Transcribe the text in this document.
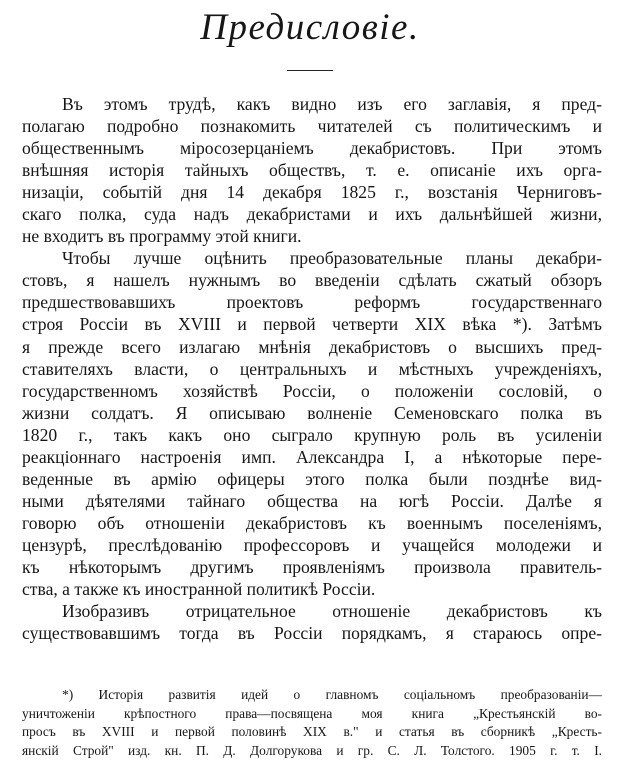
Предисловіе.

Въ этомъ трудѣ, какъ видно изъ его заглавія, я пред-
полагаю подробно познакомить читателей съ политическимъ и
общественнымъ міросозерцаніемъ декабристовъ. При этомъ
внѣшняя исторія тайныхъ обществъ, т. е. описаніе ихъ орга-
низаціи, событій дня 14 декабря 1825 г., возстанія Черниговъ-
скаго полка, суда надъ декабристами и ихъ дальнѣйшей жизни,
не входитъ въ программу этой книги.

Чтобы лучше оцѣнить преобразовательные планы декабри-
стовъ, я нашелъ нужнымъ во введеніи сдѣлать сжатый обзоръ
предшествовавшихъ проектовъ реформъ государственнаго
строя Россіи въ XVIII и первой четверти XIX вѣка *). Затѣмъ
я прежде всего излагаю мнѣнія декабристовъ о высшихъ пред-
ставителяхъ власти, о центральныхъ и мѣстныхъ учрежденіяхъ,
государственномъ хозяйствѣ Россіи, о положеніи сословій, о
жизни солдатъ. Я описываю волненіе Семеновскаго полка въ
1820 г., такъ какъ оно сыграло крупную роль въ усиленіи
реакціоннаго настроенія имп. Александра I, а нѣкоторые пере-
веденные въ армію офицеры этого полка были позднѣе вид-
ными дѣятелями тайнаго общества на югѣ Россіи. Далѣе я
говорю объ отношеніи декабристовъ къ военнымъ поселеніямъ,
цензурѣ, преслѣдованію профессоровъ и учащейся молодежи и
къ нѣкоторымъ другимъ проявленіямъ произвола правитель-
ства, а также къ иностранной политикѣ Россіи.

Изобразивъ отрицательное отношеніе декабристовъ къ
существовавшимъ тогда въ Россіи порядкамъ, я стараюсь опре-

*) Исторія развитія идей о главномъ соціальномъ преобразованіи—
уничтоженіи крѣпостного права—посвящена моя книга „Крестьянскій во-
просъ въ XVIII и первой половинѣ XIX в." и статья въ сборникѣ „Кресть-
янскій Строй" изд. кн. П. Д. Долгорукова и гр. С. Л. Толстого. 1905 г. т. I.
